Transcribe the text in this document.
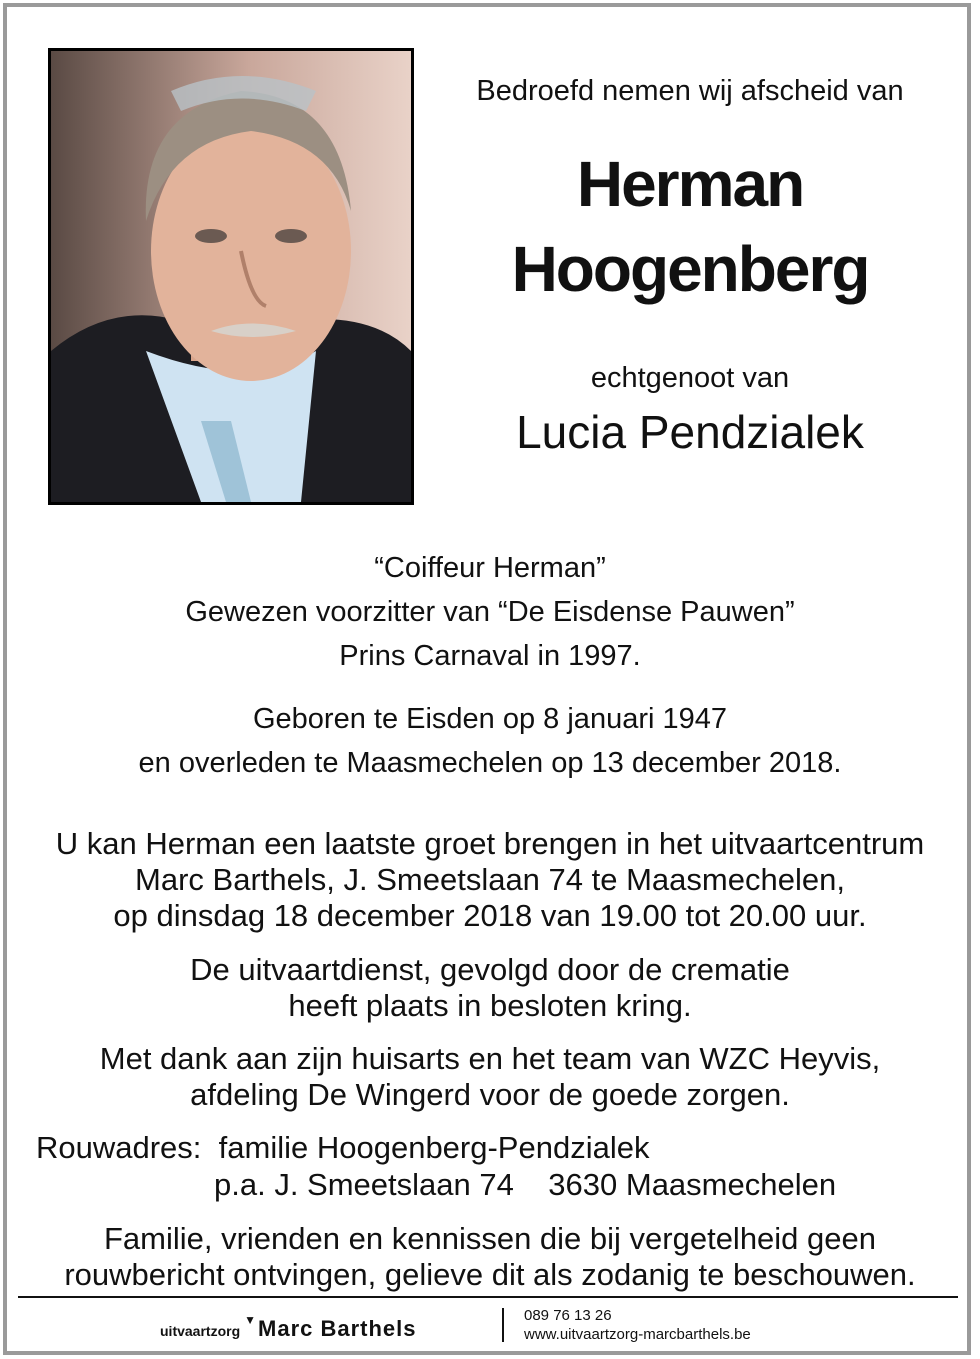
Bedroefd nemen wij afscheid van
Herman
Hoogenberg
echtgenoot van
Lucia Pendzialek
“Coiffeur Herman”
Gewezen voorzitter van “De Eisdense Pauwen”
Prins Carnaval in 1997.
Geboren te Eisden op 8 januari 1947
en overleden te Maasmechelen op 13 december 2018.
U kan Herman een laatste groet brengen in het uitvaartcentrum
Marc Barthels, J. Smeetslaan 74 te Maasmechelen,
op dinsdag 18 december 2018 van 19.00 tot 20.00 uur.
De uitvaartdienst, gevolgd door de crematie
heeft plaats in besloten kring.
Met dank aan zijn huisarts en het team van WZC Heyvis,
afdeling De Wingerd voor de goede zorgen.
Rouwadres: familie Hoogenberg-Pendzialek
p.a. J. Smeetslaan 74 3630 Maasmechelen
Familie, vrienden en kennissen die bij vergetelheid geen
rouwbericht ontvingen, gelieve dit als zodanig te beschouwen.
uitvaartzorg▼Marc Barthels
089 76 13 26
www.uitvaartzorg-marcbarthels.be
